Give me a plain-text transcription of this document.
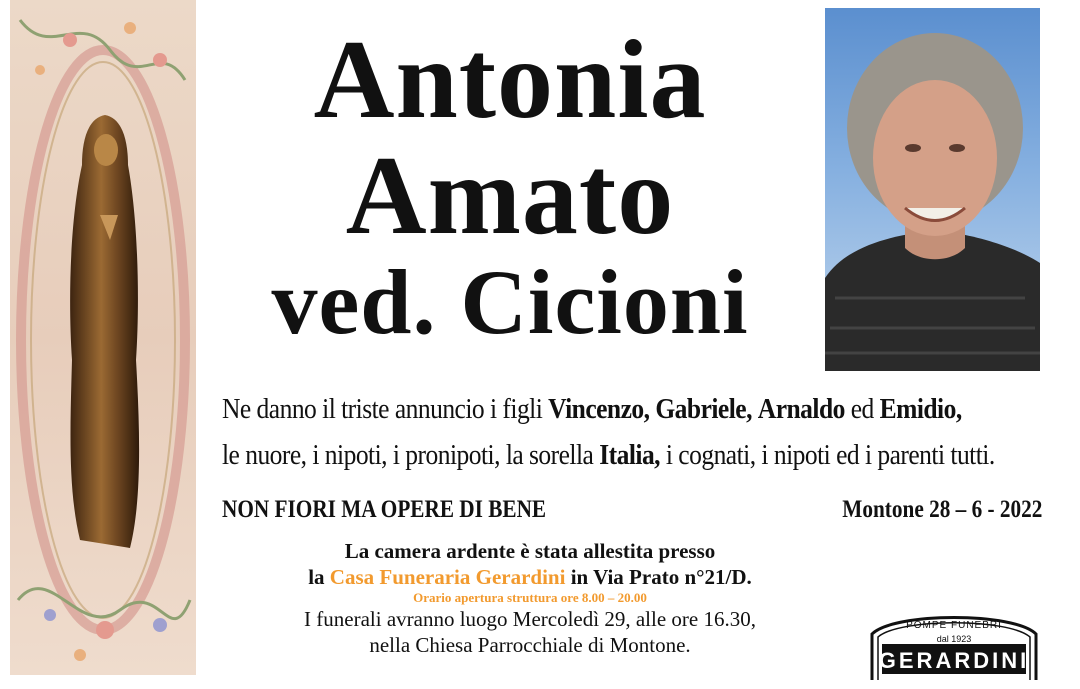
Antonia
Amato
ved. Cicioni
Ne danno il triste annuncio i figli Vincenzo, Gabriele, Arnaldo ed Emidio,
le nuore, i nipoti, i pronipoti, la sorella Italia, i cognati, i nipoti ed i parenti tutti.
NON FIORI MA OPERE DI BENE	Montone 28 – 6 - 2022
La camera ardente è stata allestita presso
la Casa Funeraria Gerardini in Via Prato n°21/D.
Orario apertura struttura ore 8.00 – 20.00
I funerali avranno luogo Mercoledì 29, alle ore 16.30,
nella Chiesa Parrocchiale di Montone.
POMPE FUNEBRI
dal 1923
GERARDINI
